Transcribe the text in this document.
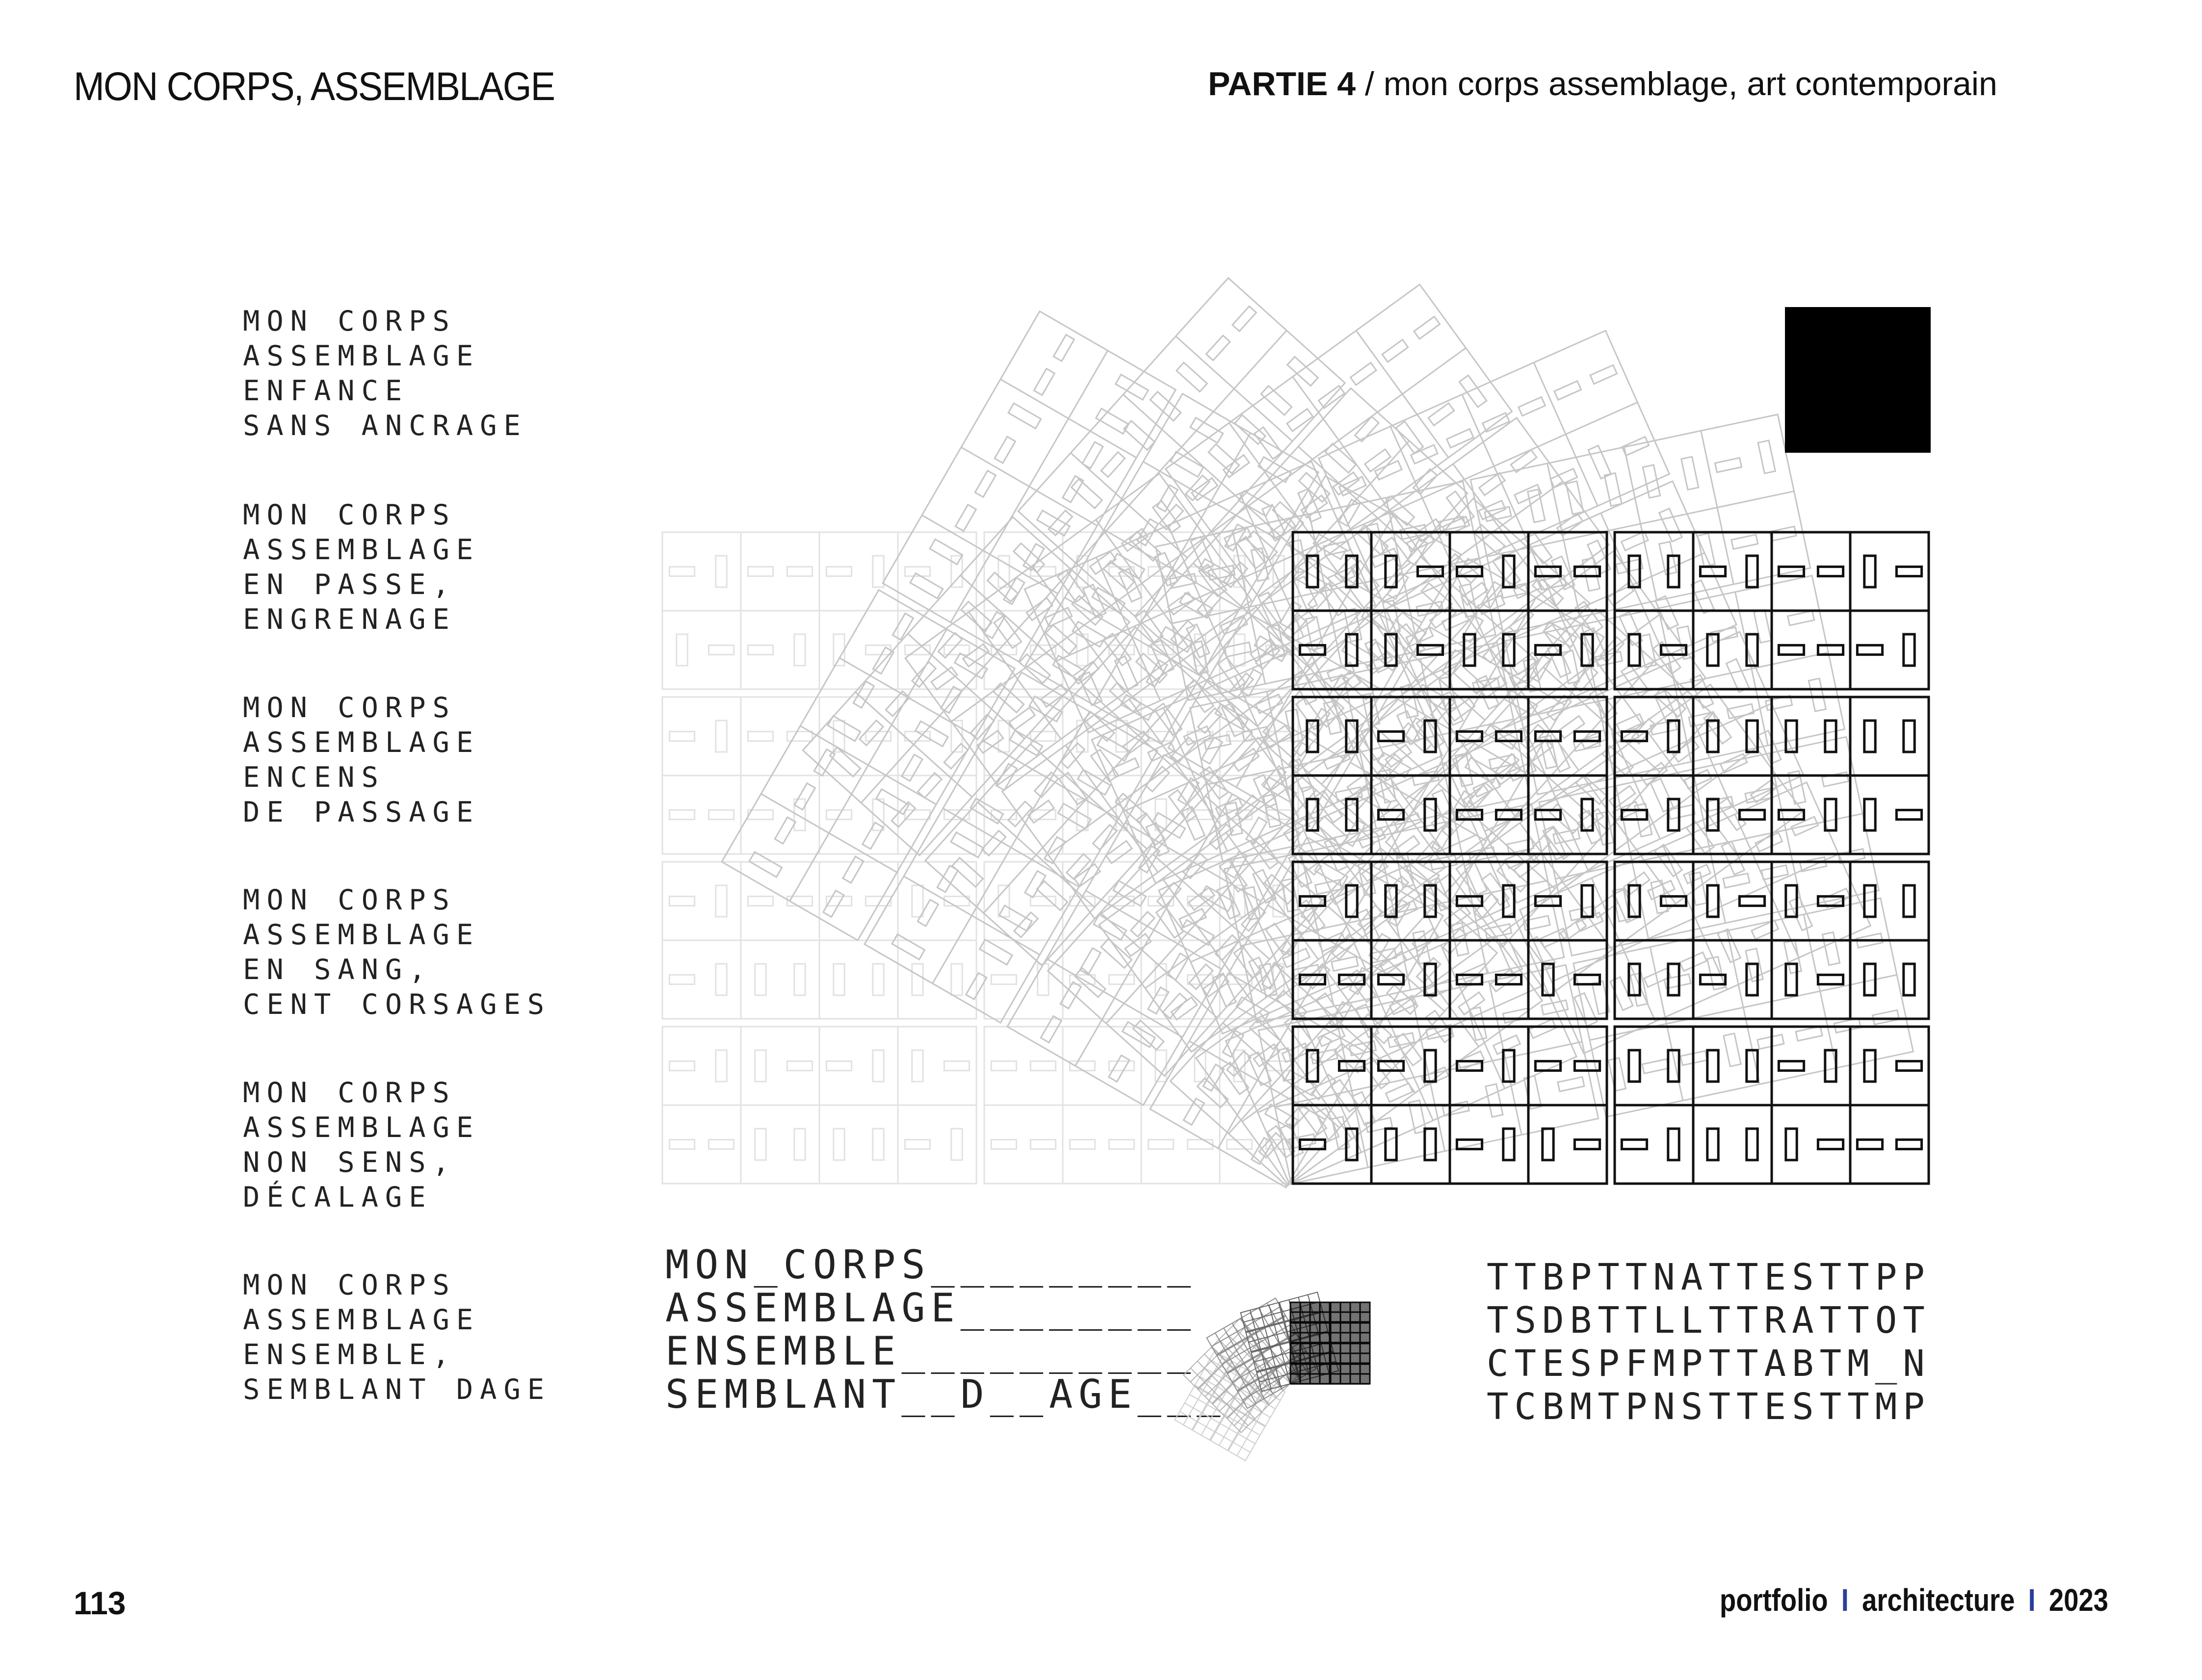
MON CORPS, ASSEMBLAGE	PARTIE 4 / mon corps assemblage, art contemporain
MON CORPS
ASSEMBLAGE
ENFANCE
SANS ANCRAGE
MON CORPS
ASSEMBLAGE
EN PASSE,
ENGRENAGE
MON CORPS
ASSEMBLAGE
ENCENS
DE PASSAGE
MON CORPS
ASSEMBLAGE
EN SANG,
CENT CORSAGES
MON CORPS
ASSEMBLAGE
NON SENS,
DÉCALAGE
MON CORPS
ASSEMBLAGE
ENSEMBLE,
SEMBLANT DAGE
MON_CORPS_________
ASSEMBLAGE________
ENSEMBLE__________
SEMBLANT__D__AGE___
TTBPTTNATTESTTPP
TSDBTTLLTTRATTOT
CTESPFMPTTABTM_N
TCBMTPNSTTESTTMP
113	portfolio I architecture I 2023
